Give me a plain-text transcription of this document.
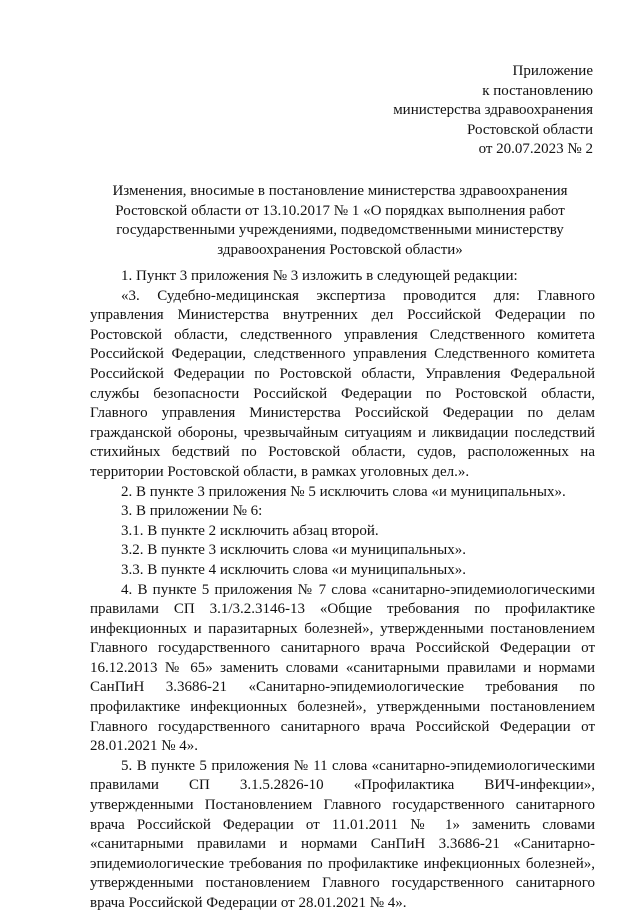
Приложение
к постановлению
министерства здравоохранения
Ростовской области
от 20.07.2023 № 2
Изменения, вносимые в постановление министерства здравоохранения
Ростовской области от 13.10.2017 № 1 «О порядках выполнения работ
государственными учреждениями, подведомственными министерству
здравоохранения Ростовской области»

1. Пункт 3 приложения № 3 изложить в следующей редакции:

«3. Судебно-медицинская экспертиза проводится для: Главного управления Министерства внутренних дел Российской Федерации по Ростовской области, следственного управления Следственного комитета Российской Федерации, следственного управления Следственного комитета Российской Федерации по Ростовской области, Управления Федеральной службы безопасности Российской Федерации по Ростовской области, Главного управления Министерства Российской Федерации по делам гражданской обороны, чрезвычайным ситуациям и ликвидации последствий стихийных бедствий по Ростовской области, судов, расположенных на территории Ростовской области, в рамках уголовных дел.».

2. В пункте 3 приложения № 5 исключить слова «и муниципальных».

3. В приложении № 6:

3.1. В пункте 2 исключить абзац второй.

3.2. В пункте 3 исключить слова «и муниципальных».

3.3. В пункте 4 исключить слова «и муниципальных».

4. В пункте 5 приложения № 7 слова «санитарно-эпидемиологическими правилами СП 3.1/3.2.3146-13 «Общие требования по профилактике инфекционных и паразитарных болезней», утвержденными постановлением Главного государственного санитарного врача Российской Федерации от 16.12.2013 № 65» заменить словами «санитарными правилами и нормами СанПиН 3.3686-21 «Санитарно-эпидемиологические требования по профилактике инфекционных болезней», утвержденными постановлением Главного государственного санитарного врача Российской Федерации от 28.01.2021 № 4».

5. В пункте 5 приложения № 11 слова «санитарно-эпидемиологическими правилами СП 3.1.5.2826-10 «Профилактика ВИЧ-инфекции», утвержденными Постановлением Главного государственного санитарного врача Российской Федерации от 11.01.2011 № 1» заменить словами «санитарными правилами и нормами СанПиН 3.3686-21 «Санитарно-эпидемиологические требования по профилактике инфекционных болезней», утвержденными постановлением Главного государственного санитарного врача Российской Федерации от 28.01.2021 № 4».
